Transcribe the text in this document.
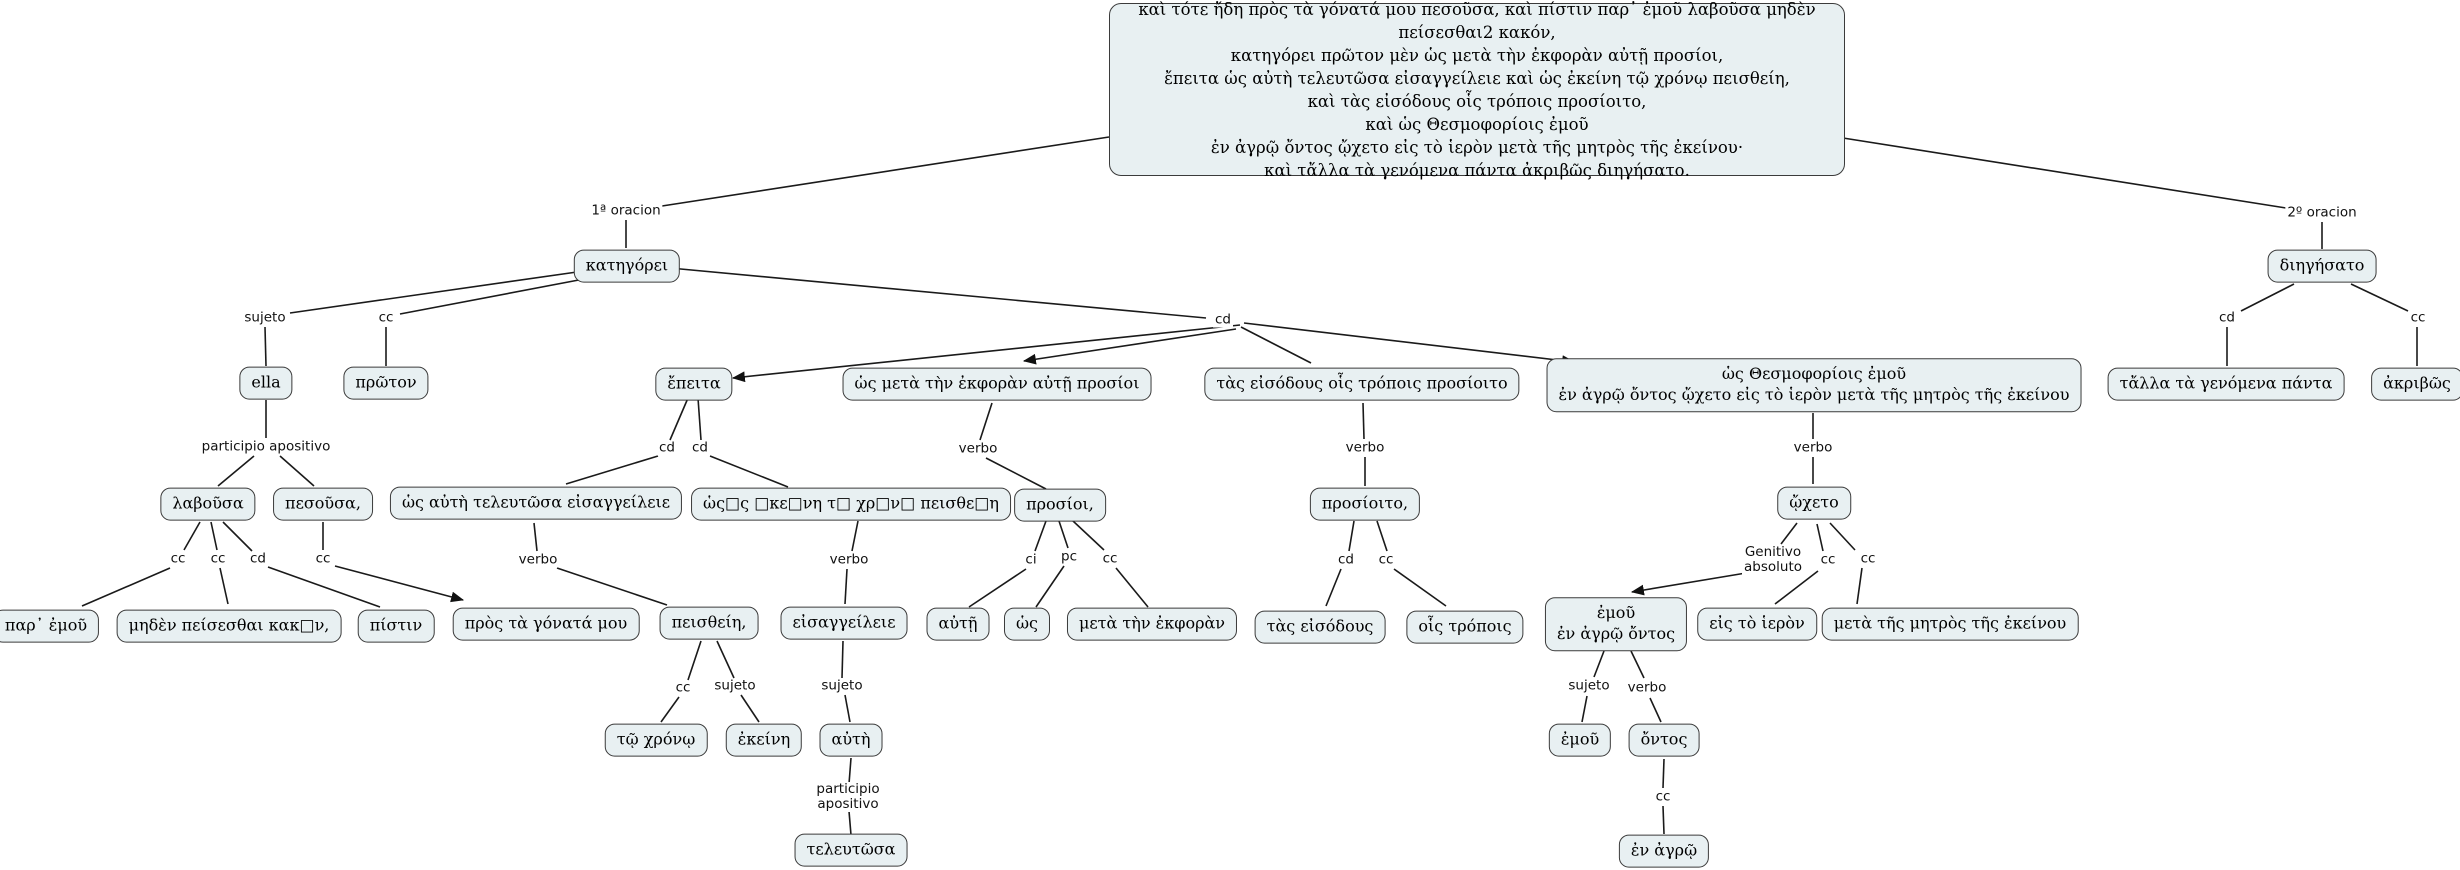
καὶ τότε ἤδη πρὸς τὰ γόνατά μου πεσοῦσα, καὶ πίστιν παρ᾽ ἐμοῦ λαβοῦσα μηδὲν πείσεσθαι2 κακόν,
κατηγόρει πρῶτον μὲν ὡς μετὰ τὴν ἐκφορὰν αὐτῇ προσίοι,
ἔπειτα ὡς αὐτὴ τελευτῶσα εἰσαγγείλειε καὶ ὡς ἐκείνη τῷ χρόνῳ πεισθείη,
καὶ τὰς εἰσόδους οἷς τρόποις προσίοιτο,
καὶ ὡς Θεσμοφορίοις ἐμοῦ
ἐν ἀγρῷ ὄντος ᾤχετο εἰς τὸ ἱερὸν μετὰ τῆς μητρὸς τῆς ἐκείνου·
καὶ τἄλλα τὰ γενόμενα πάντα ἀκριβῶς διηγήσατο.
κατηγόρει
ella	πρῶτον
λαβοῦσα	πεσοῦσα,
παρ᾽ ἐμοῦ	μηδὲν πείσεσθαι κακ□ν,	πίστιν	πρὸς τὰ γόνατά μου
ἔπειτα
ὡς αὐτὴ τελευτῶσα εἰσαγγείλειε	ὡς□ς □κε□νη τ□ χρ□ν□ πεισθε□η
πεισθείη,
τῷ χρόνῳ	ἐκείνη
εἰσαγγείλειε
αὐτὴ
τελευτῶσα
ὡς μετὰ τὴν ἐκφορὰν αὐτῇ προσίοι
προσίοι,
αὐτῇ	ὡς	μετὰ τὴν ἐκφορὰν
τὰς εἰσόδους οἷς τρόποις προσίοιτο
προσίοιτο,
τὰς εἰσόδους	οἷς τρόποις
ὡς Θεσμοφορίοις ἐμοῦ
ἐν ἀγρῷ ὄντος ᾤχετο εἰς τὸ ἱερὸν μετὰ τῆς μητρὸς τῆς ἐκείνου
ᾤχετο
ἐμοῦ
ἐν ἀγρῷ ὄντος
εἰς τὸ ἱερὸν	μετὰ τῆς μητρὸς τῆς ἐκείνου
ἐμοῦ	ὄντος
ἐν ἀγρῷ
διηγήσατο
τἄλλα τὰ γενόμενα πάντα	ἀκριβῶς
1ª oracion	2º oracion
sujeto	cc	cd
participio apositivo
cc cc cd	cc
cd cd
verbo	verbo
cc sujeto	sujeto
participio
apositivo
verbo
ci pc cc
verbo
cd cc
verbo
Genitivo
absoluto cc cc
sujeto verbo
cc
cd	cc
